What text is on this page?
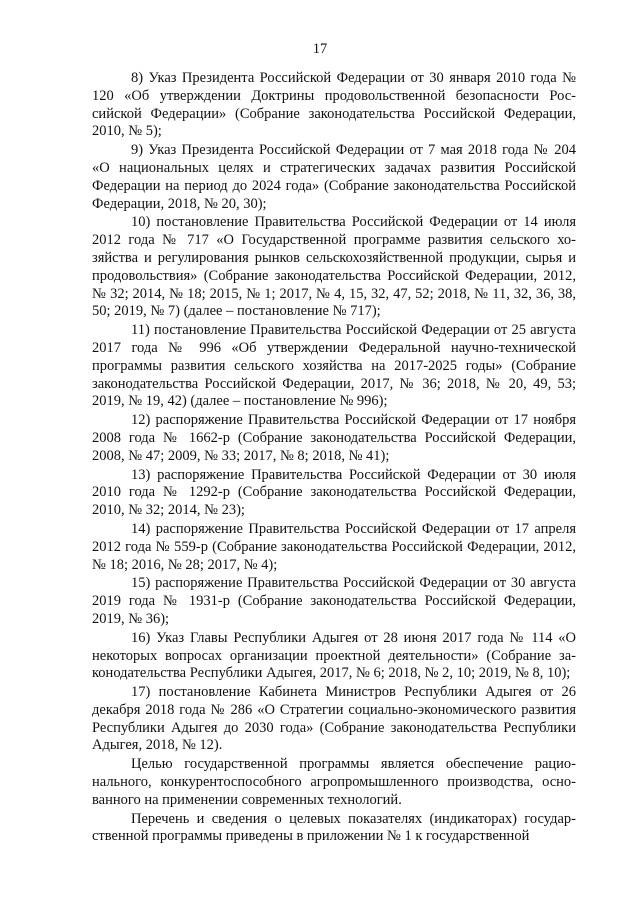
17

8) Указ Президента Российской Федерации от 30 января 2010 года № 120 «Об утверждении Доктрины продовольственной безопасности Российской Федерации» (Собрание законодательства Российской Федерации, 2010, № 5);

9) Указ Президента Российской Федерации от 7 мая 2018 года № 204 «О национальных целях и стратегических задачах развития Российской Федерации на период до 2024 года» (Собрание законодательства Российской Федерации, 2018, № 20, 30);

10) постановление Правительства Российской Федерации от 14 июля 2012 года № 717 «О Государственной программе развития сельского хозяйства и регулирования рынков сельскохозяйственной продукции, сырья и продовольствия» (Собрание законодательства Российской Федерации, 2012, № 32; 2014, № 18; 2015, № 1; 2017, № 4, 15, 32, 47, 52; 2018, № 11, 32, 36, 38, 50; 2019, № 7) (далее – постановление № 717);

11) постановление Правительства Российской Федерации от 25 августа 2017 года № 996 «Об утверждении Федеральной научно-технической программы развития сельского хозяйства на 2017-2025 годы» (Собрание законодательства Российской Федерации, 2017, № 36; 2018, № 20, 49, 53; 2019, № 19, 42) (далее – постановление № 996);

12) распоряжение Правительства Российской Федерации от 17 ноября 2008 года № 1662-р (Собрание законодательства Российской Федерации, 2008, № 47; 2009, № 33; 2017, № 8; 2018, № 41);

13) распоряжение Правительства Российской Федерации от 30 июля 2010 года № 1292-р (Собрание законодательства Российской Федерации, 2010, № 32; 2014, № 23);

14) распоряжение Правительства Российской Федерации от 17 апреля 2012 года № 559-р (Собрание законодательства Российской Федерации, 2012, № 18; 2016, № 28; 2017, № 4);

15) распоряжение Правительства Российской Федерации от 30 августа 2019 года № 1931-р (Собрание законодательства Российской Федерации, 2019, № 36);

16) Указ Главы Республики Адыгея от 28 июня 2017 года № 114 «О некоторых вопросах организации проектной деятельности» (Собрание законодательства Республики Адыгея, 2017, № 6; 2018, № 2, 10; 2019, № 8, 10);

17) постановление Кабинета Министров Республики Адыгея от 26 декабря 2018 года № 286 «О Стратегии социально-экономического развития Республики Адыгея до 2030 года» (Собрание законодательства Республики Адыгея, 2018, № 12).

Целью государственной программы является обеспечение рационального, конкурентоспособного агропромышленного производства, основанного на применении современных технологий.

Перечень и сведения о целевых показателях (индикаторах) государственной программы приведены в приложении № 1 к государственной
